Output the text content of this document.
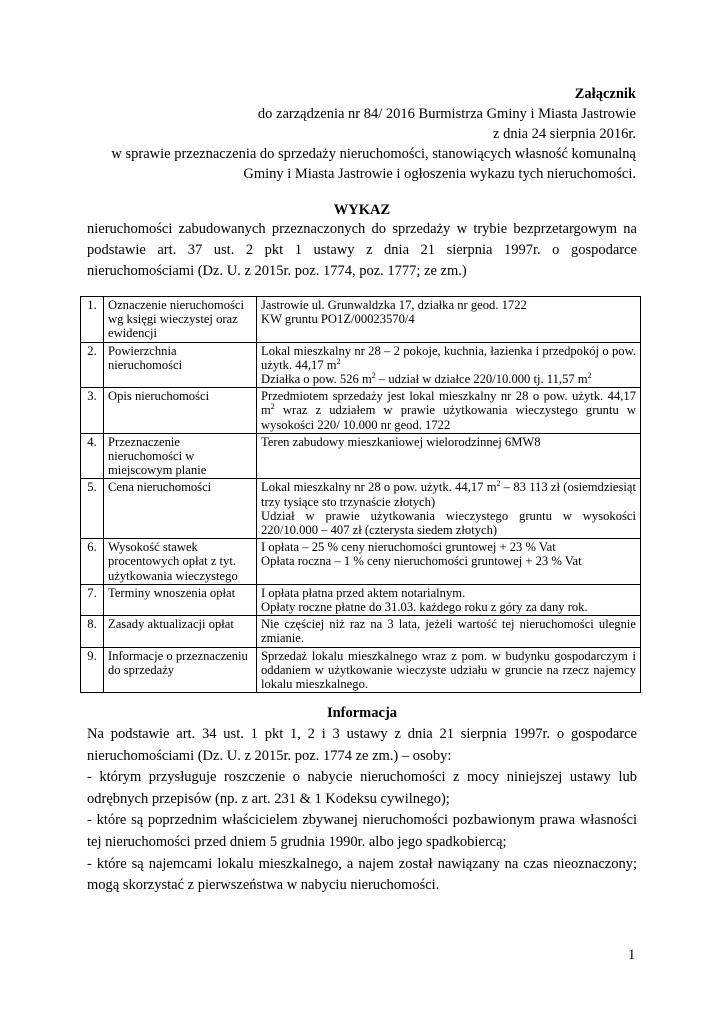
Załącznik
do zarządzenia nr 84/ 2016 Burmistrza Gminy i Miasta Jastrowie
z dnia 24 sierpnia 2016r.
w sprawie przeznaczenia do sprzedaży nieruchomości, stanowiących własność komunalną
Gminy i Miasta Jastrowie i ogłoszenia wykazu tych nieruchomości.
WYKAZ
nieruchomości zabudowanych przeznaczonych do sprzedaży w trybie bezprzetargowym na
podstawie art. 37 ust. 2 pkt 1 ustawy z dnia 21 sierpnia 1997r. o gospodarce
nieruchomościami (Dz. U. z 2015r. poz. 1774, poz. 1777; ze zm.)
1.	Oznaczenie nieruchomości wg księgi wieczystej oraz ewidencji	Jastrowie ul. Grunwaldzka 17, działka nr geod. 1722
KW gruntu PO1Z/00023570/4

2.	Powierzchnia nieruchomości	Lokal mieszkalny nr 28 – 2 pokoje, kuchnia, łazienka i przedpokój o pow. użytk. 44,17 $m^2$
Działka o pow. 526 $m^2$ – udział w działce 220/10.000 tj. 11,57 $m^2$

3.	Opis nieruchomości	Przedmiotem sprzedaży jest lokal mieszkalny nr 28 o pow. użytk. 44,17 $m^2$ wraz z udziałem w prawie użytkowania wieczystego gruntu w wysokości 220/ 10.000 nr geod. 1722
4.	Przeznaczenie nieruchomości w miejscowym planie	Teren zabudowy mieszkaniowej wielorodzinnej 6MW8
5.	Cena nieruchomości	Lokal mieszkalny nr 28 o pow. użytk. 44,17 $m^2 - 83$ 113 zł (osiemdziesiąt trzy tysiące sto trzynaście złotych)
Udział w prawie użytkowania wieczystego gruntu w wysokości 220/10.000 – 407 zł (czterysta siedem złotych)

6.	Wysokość stawek procentowych opłat z tyt. użytkowania wieczystego	I opłata – 25 % ceny nieruchomości gruntowej + 23 % Vat
Opłata roczna – 1 % ceny nieruchomości gruntowej + 23 % Vat

7.	Terminy wnoszenia opłat	I opłata płatna przed aktem notarialnym.
Opłaty roczne płatne do 31.03. każdego roku z góry za dany rok.

8.	Zasady aktualizacji opłat	Nie częściej niż raz na 3 lata, jeżeli wartość tej nieruchomości ulegnie zmianie.
9.	Informacje o przeznaczeniu do sprzedaży	Sprzedaż lokalu mieszkalnego wraz z pom. w budynku gospodarczym i oddaniem w użytkowanie wieczyste udziału w gruncie na rzecz najemcy lokalu mieszkalnego.
Informacja
Na podstawie art. 34 ust. 1 pkt 1, 2 i 3 ustawy z dnia 21 sierpnia 1997r. o gospodarce
nieruchomościami (Dz. U. z 2015r. poz. 1774 ze zm.) – osoby:
- którym przysługuje roszczenie o nabycie nieruchomości z mocy niniejszej ustawy lub
odrębnych przepisów (np. z art. 231 & 1 Kodeksu cywilnego);
- które są poprzednim właścicielem zbywanej nieruchomości pozbawionym prawa własności
tej nieruchomości przed dniem 5 grudnia 1990r. albo jego spadkobiercą;
- które są najemcami lokalu mieszkalnego, a najem został nawiązany na czas nieoznaczony;
mogą skorzystać z pierwszeństwa w nabyciu nieruchomości.
1
